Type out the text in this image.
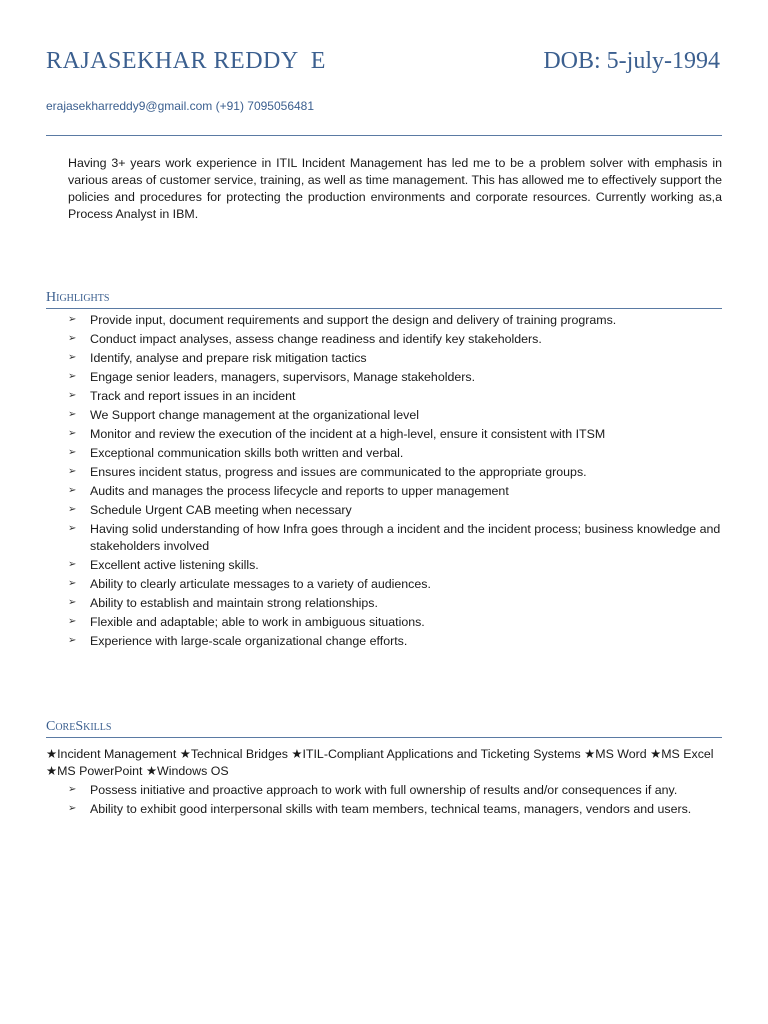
RAJASEKHAR REDDY  E	DOB: 5-july-1994
erajasekharreddy9@gmail.com (+91) 7095056481
Having 3+ years work experience in ITIL Incident Management has led me to be a problem solver with emphasis in various areas of customer service, training, as well as time management. This has allowed me to effectively support the policies and procedures for protecting the production environments and corporate resources. Currently working as,a Process Analyst in IBM.
Highlights
➢ Provide input, document requirements and support the design and delivery of training programs.
➢ Conduct impact analyses, assess change readiness and identify key stakeholders.
➢ Identify, analyse and prepare risk mitigation tactics
➢ Engage senior leaders, managers, supervisors, Manage stakeholders.
➢ Track and report issues in an incident
➢ We Support change management at the organizational level
➢ Monitor and review the execution of the incident at a high-level, ensure it consistent with ITSM
➢ Exceptional communication skills both written and verbal.
➢ Ensures incident status, progress and issues are communicated to the appropriate groups.
➢ Audits and manages the process lifecycle and reports to upper management
➢ Schedule Urgent CAB meeting when necessary
➢ Having solid understanding of how Infra goes through a incident and the incident process; business knowledge and stakeholders involved
➢ Excellent active listening skills.
➢ Ability to clearly articulate messages to a variety of audiences.
➢ Ability to establish and maintain strong relationships.
➢ Flexible and adaptable; able to work in ambiguous situations.
➢ Experience with large-scale organizational change efforts.
CoreSkills
★Incident Management ★Technical Bridges ★ITIL-Compliant Applications and Ticketing Systems ★MS Word ★MS Excel ★MS PowerPoint ★Windows OS
➢ Possess initiative and proactive approach to work with full ownership of results and/or consequences if any.
➢ Ability to exhibit good interpersonal skills with team members, technical teams, managers, vendors and users.
